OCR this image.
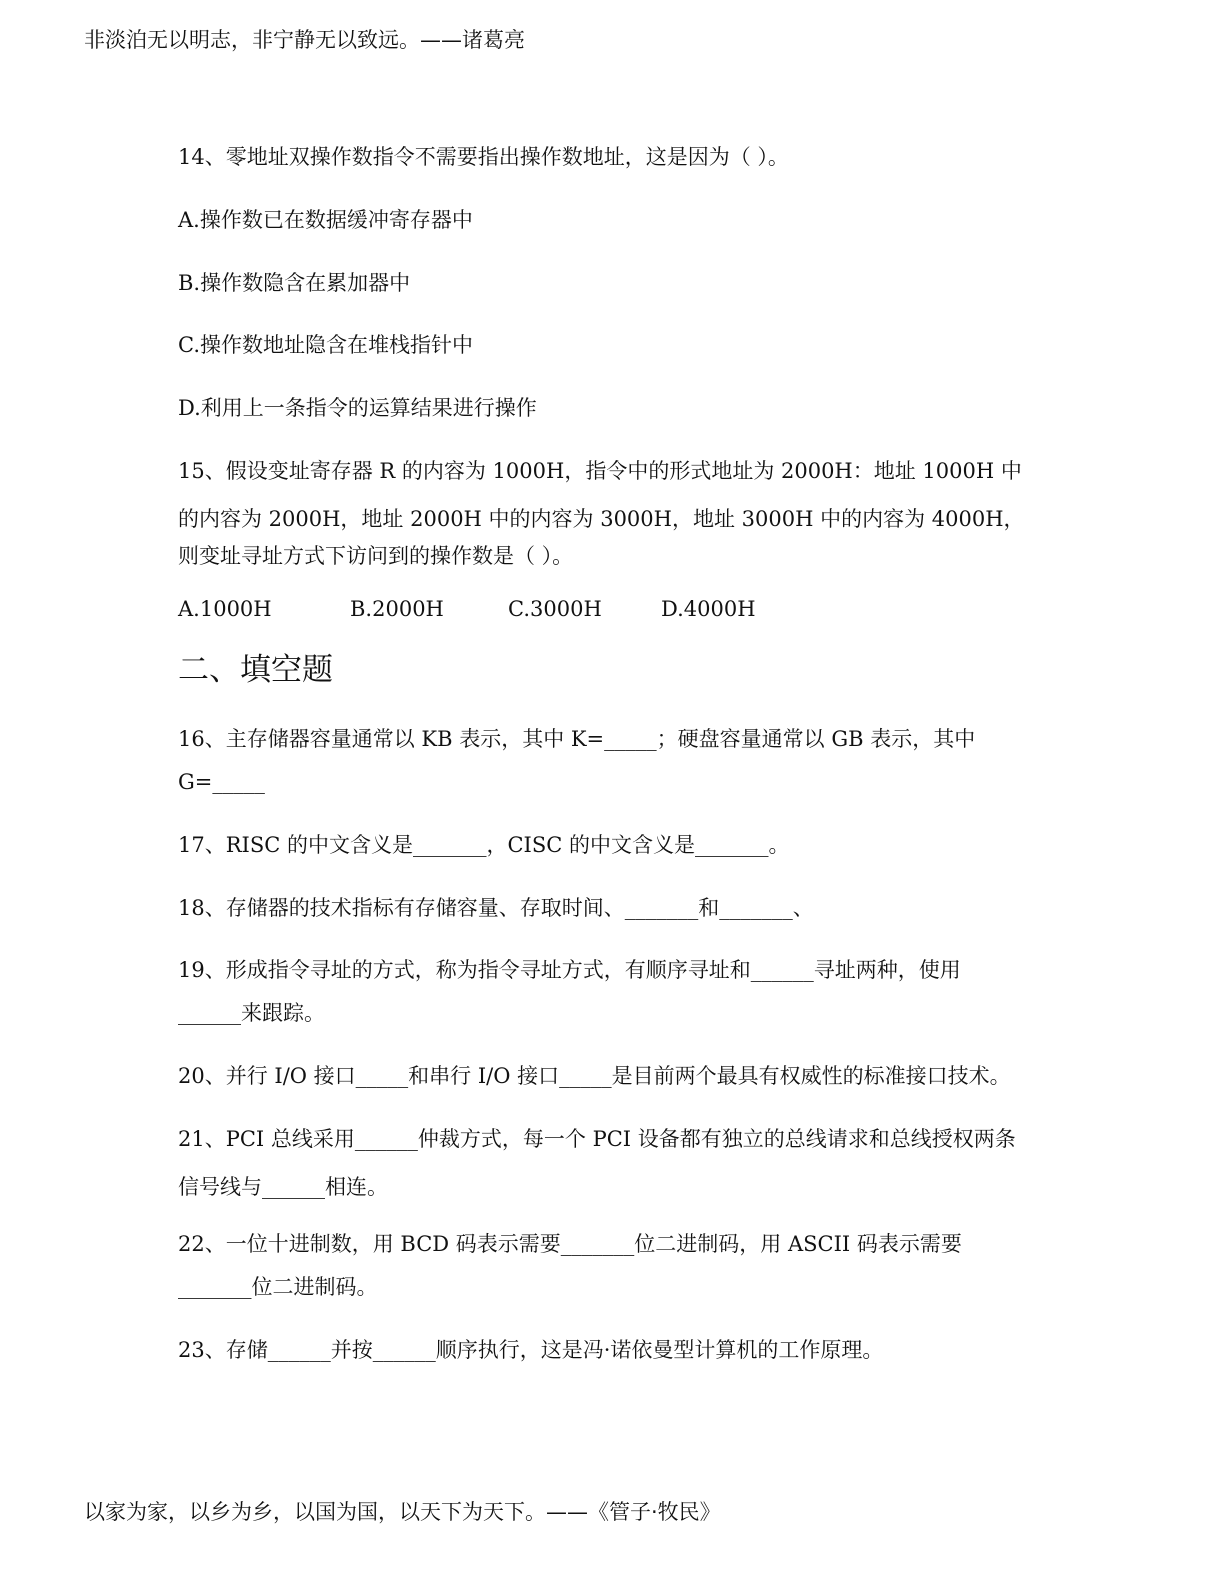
非淡泊无以明志，非宁静无以致远。——诸葛亮
14、零地址双操作数指令不需要指出操作数地址，这是因为（ ）。
A.操作数已在数据缓冲寄存器中
B.操作数隐含在累加器中
C.操作数地址隐含在堆栈指针中
D.利用上一条指令的运算结果进行操作
15、假设变址寄存器 R 的内容为 1000H，指令中的形式地址为 2000H：地址 1000H 中
的内容为 2000H，地址 2000H 中的内容为 3000H，地址 3000H 中的内容为 4000H，
则变址寻址方式下访问到的操作数是（ ）。
A.1000H	B.2000H	C.3000H	D.4000H
二、填空题
16、主存储器容量通常以 KB 表示，其中 K=_____；硬盘容量通常以 GB 表示，其中
G=_____
17、RISC 的中文含义是_______，CISC 的中文含义是_______。
18、存储器的技术指标有存储容量、存取时间、_______和_______、
19、形成指令寻址的方式，称为指令寻址方式，有顺序寻址和______寻址两种，使用
______来跟踪。
20、并行 I/O 接口_____和串行 I/O 接口_____是目前两个最具有权威性的标准接口技术。
21、PCI 总线采用______仲裁方式，每一个 PCI 设备都有独立的总线请求和总线授权两条
信号线与______相连。
22、一位十进制数，用 BCD 码表示需要_______位二进制码，用 ASCII 码表示需要
_______位二进制码。
23、存储______并按______顺序执行，这是冯·诺依曼型计算机的工作原理。
以家为家，以乡为乡，以国为国，以天下为天下。——《管子·牧民》
